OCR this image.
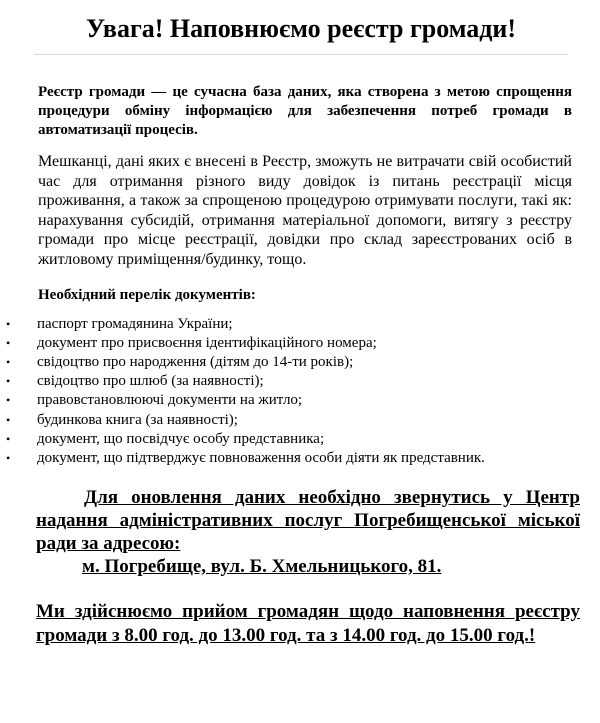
Увага! Наповнюємо реєстр громади!

Реєстр громади — це сучасна база даних, яка створена з метою спрощення процедури обміну інформацією для забезпечення потреб громади в автоматизації процесів.

Мешканці, дані яких є внесені в Реєстр, зможуть не витрачати свій особистий час для отримання різного виду довідок із питань реєстрації місця проживання, а також за спрощеною процедурою отримувати послуги, такі як: нарахування субсидій, отримання матеріальної допомоги, витягу з реєстру громади про місце реєстрації, довідки про склад зареєстрованих осіб в житловому приміщення/будинку, тощо.

Необхідний перелік документів:
•	паспорт громадянина України;
•	документ про присвоєння ідентифікаційного номера;
•	свідоцтво про народження (дітям до 14-ти років);
•	свідоцтво про шлюб (за наявності);
•	правовстановлюючі документи на житло;
•	будинкова книга (за наявності);
•	документ, що посвідчує особу представника;
•	документ, що підтверджує повноваження особи діяти як представник.

Для оновлення даних необхідно звернутись у Центр надання адміністративних послуг Погребищенської міської ради за адресою:

м. Погребище, вул. Б. Хмельницького, 81.

Ми здійснюємо прийом громадян щодо наповнення реєстру громади з 8.00 год. до 13.00 год. та з 14.00 год. до 15.00 год.!
